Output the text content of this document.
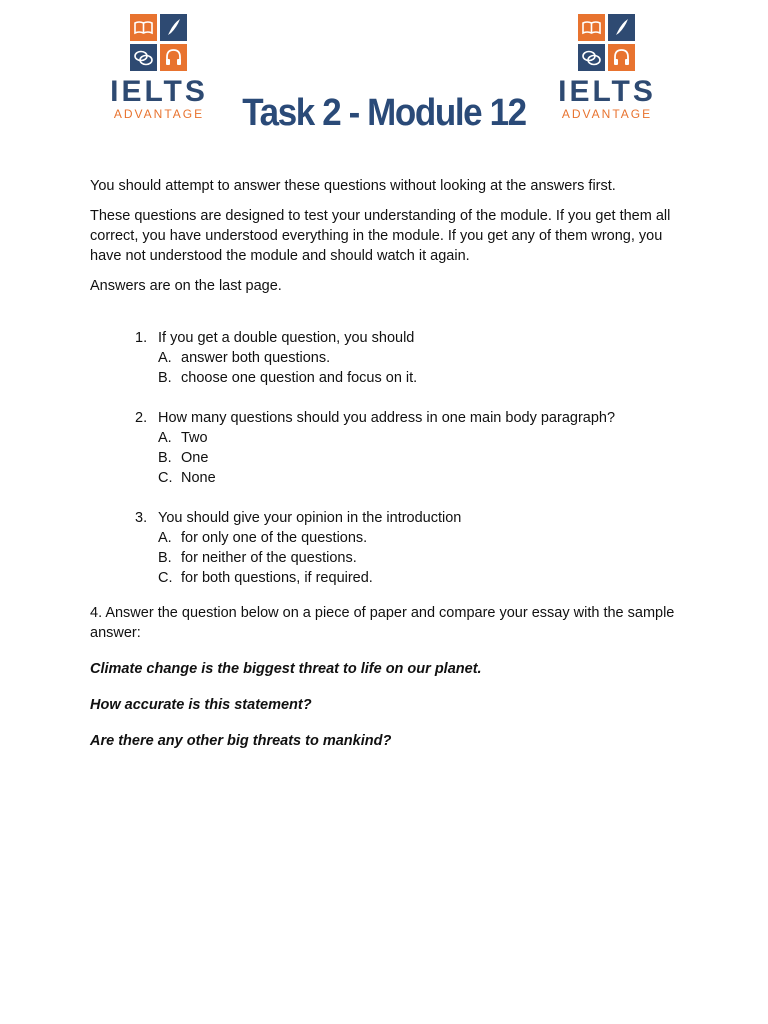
IELTS
ADVANTAGE
IELTS
ADVANTAGE
Task 2 - Module 12

You should attempt to answer these questions without looking at the answers first.

These questions are designed to test your understanding of the module. If you get them all correct, you have understood everything in the module. If you get any of them wrong, you have not understood the module and should watch it again.

Answers are on the last page.

1. If you get a double question, you should
A. answer both questions.
B. choose one question and focus on it.
2. How many questions should you address in one main body paragraph?
A. Two
B. One
C. None
3. You should give your opinion in the introduction
A. for only one of the questions.
B. for neither of the questions.
C. for both questions, if required.

4. Answer the question below on a piece of paper and compare your essay with the sample answer:

Climate change is the biggest threat to life on our planet.

How accurate is this statement?

Are there any other big threats to mankind?
